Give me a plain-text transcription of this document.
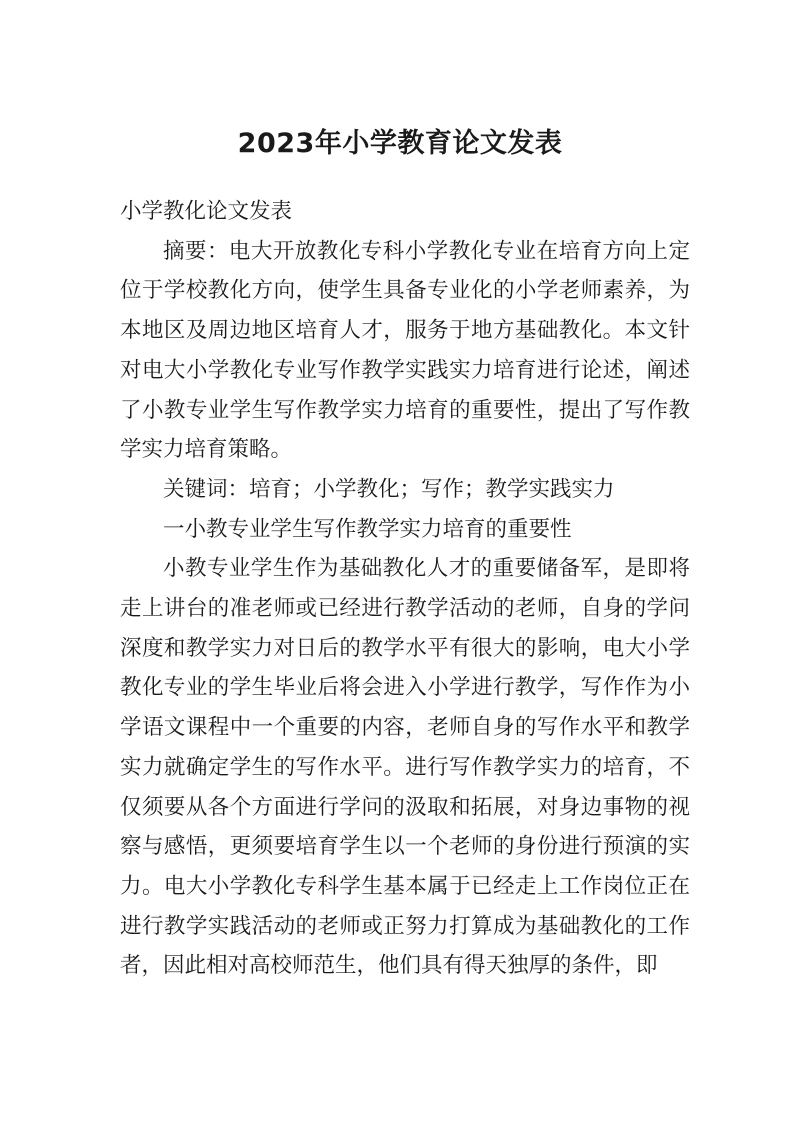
2023年小学教育论文发表

小学教化论文发表

摘要：电大开放教化专科小学教化专业在培育方向上定位于学校教化方向，使学生具备专业化的小学老师素养，为本地区及周边地区培育人才，服务于地方基础教化。本文针对电大小学教化专业写作教学实践实力培育进行论述，阐述了小教专业学生写作教学实力培育的重要性，提出了写作教学实力培育策略。

关键词：培育；小学教化；写作；教学实践实力

一小教专业学生写作教学实力培育的重要性

小教专业学生作为基础教化人才的重要储备军，是即将走上讲台的准老师或已经进行教学活动的老师，自身的学问深度和教学实力对日后的教学水平有很大的影响，电大小学教化专业的学生毕业后将会进入小学进行教学，写作作为小学语文课程中一个重要的内容，老师自身的写作水平和教学实力就确定学生的写作水平。进行写作教学实力的培育，不仅须要从各个方面进行学问的汲取和拓展，对身边事物的视察与感悟，更须要培育学生以一个老师的身份进行预演的实力。电大小学教化专科学生基本属于已经走上工作岗位正在进行教学实践活动的老师或正努力打算成为基础教化的工作者，因此相对高校师范生，他们具有得天独厚的条件，即
